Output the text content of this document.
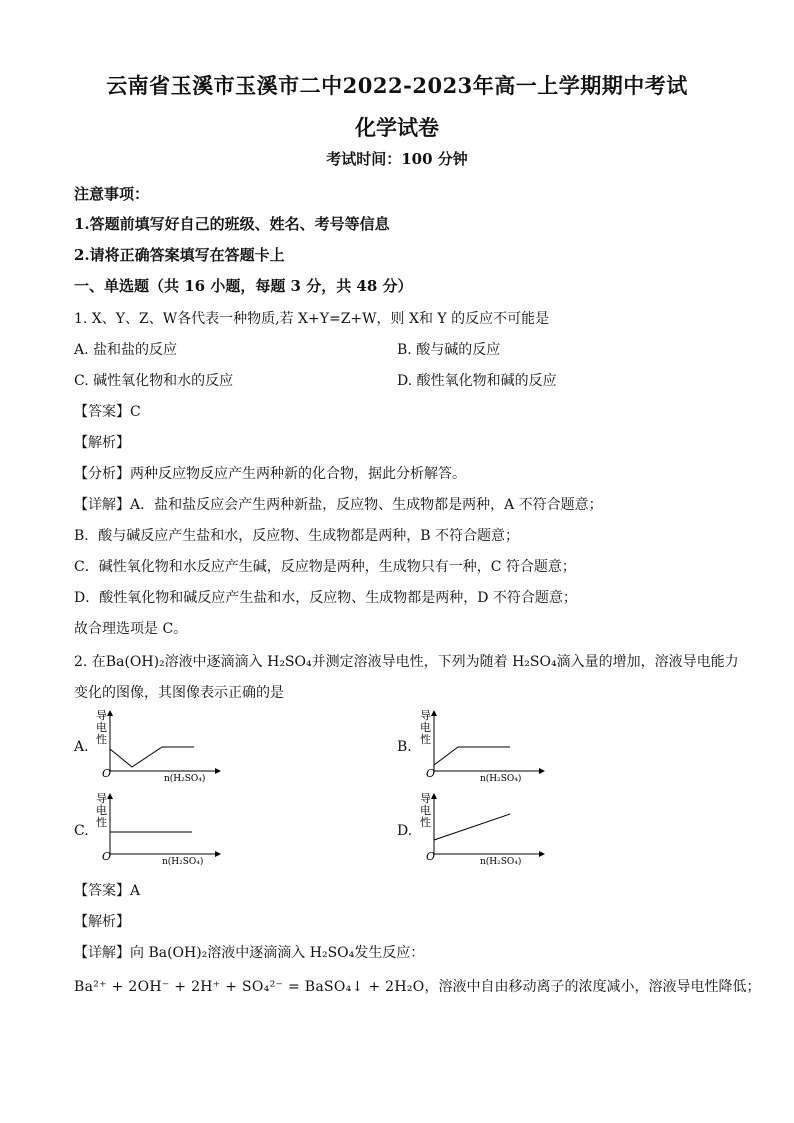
云南省玉溪市玉溪市二中2022-2023年高一上学期期中考试
化学试卷
考试时间：100 分钟
注意事项：
1.答题前填写好自己的班级、姓名、考号等信息
2.请将正确答案填写在答题卡上
一、单选题（共 16 小题，每题 3 分，共 48 分）
1. X、Y、Z、W各代表一种物质,若 X+Y=Z+W，则 X和 Y 的反应不可能是
A. 盐和盐的反应	B. 酸与碱的反应
C. 碱性氧化物和水的反应	D. 酸性氧化物和碱的反应
【答案】C
【解析】
【分析】两种反应物反应产生两种新的化合物，据此分析解答。
【详解】A．盐和盐反应会产生两种新盐，反应物、生成物都是两种，A 不符合题意；
B．酸与碱反应产生盐和水，反应物、生成物都是两种，B 不符合题意；
C．碱性氧化物和水反应产生碱，反应物是两种，生成物只有一种，C 符合题意；
D．酸性氧化物和碱反应产生盐和水，反应物、生成物都是两种，D 不符合题意；
故合理选项是 C。
2. 在Ba(OH)₂溶液中逐滴滴入 H₂SO₄并测定溶液导电性，下列为随着 H₂SO₄滴入量的增加，溶液导电能力
变化的图像，其图像表示正确的是
A.
导
电
性
O	n(H₂SO₄)
B.
导
电
性
O	n(H₂SO₄)
C.
导
电
性
O	n(H₂SO₄)
D.
导
电
性
O	n(H₂SO₄)
【答案】A
【解析】
【详解】向 Ba(OH)₂溶液中逐滴滴入 H₂SO₄发生反应：
Ba²⁺ + 2OH⁻ + 2H⁺ + SO₄²⁻ = BaSO₄↓ + 2H₂O，溶液中自由移动离子的浓度减小，溶液导电性降低；
